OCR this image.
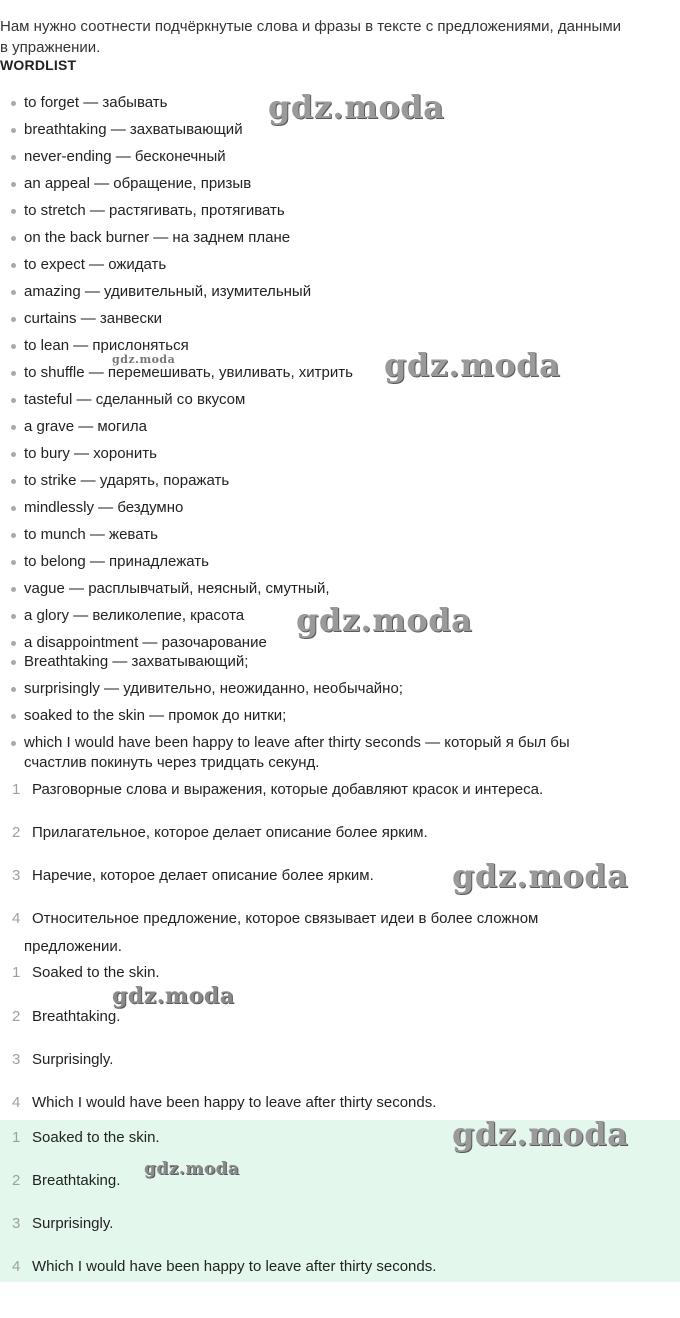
Нам нужно соотнести подчёркнутые слова и фразы в тексте с предложениями, данными
в упражнении.
WORDLIST
to forget — забывать
breathtaking — захватывающий
never-ending — бесконечный
an appeal — обращение, призыв
to stretch — растягивать, протягивать
on the back burner — на заднем плане
to expect — ожидать
amazing — удивительный, изумительный
curtains — занвески
to lean — прислоняться
to shuffle — перемешивать, увиливать, хитрить
tasteful — сделанный со вкусом
a grave — могила
to bury — хоронить
to strike — ударять, поражать
mindlessly — бездумно
to munch — жевать
to belong — принадлежать
vague — расплывчатый, неясный, смутный,
a glory — великолепие, красота
a disappointment — разочарование
Breathtaking — захватывающий;
surprisingly — удивительно, неожиданно, необычайно;
soaked to the skin — промок до нитки;
which I would have been happy to leave after thirty seconds — который я был бы
счастлив покинуть через тридцать секунд.
1 Разговорные слова и выражения, которые добавляют красок и интереса.
2 Прилагательное, которое делает описание более ярким.
3 Наречие, которое делает описание более ярким.
4 Относительное предложение, которое связывает идеи в более сложном
предложении.
1 Soaked to the skin.
2 Breathtaking.
3 Surprisingly.
4 Which I would have been happy to leave after thirty seconds.
1 Soaked to the skin.
2 Breathtaking.
3 Surprisingly.
4 Which I would have been happy to leave after thirty seconds.
gdz.moda
gdz.moda	gdz.moda
gdz.moda
gdz.moda
gdz.moda
gdz.moda
gdz.moda
